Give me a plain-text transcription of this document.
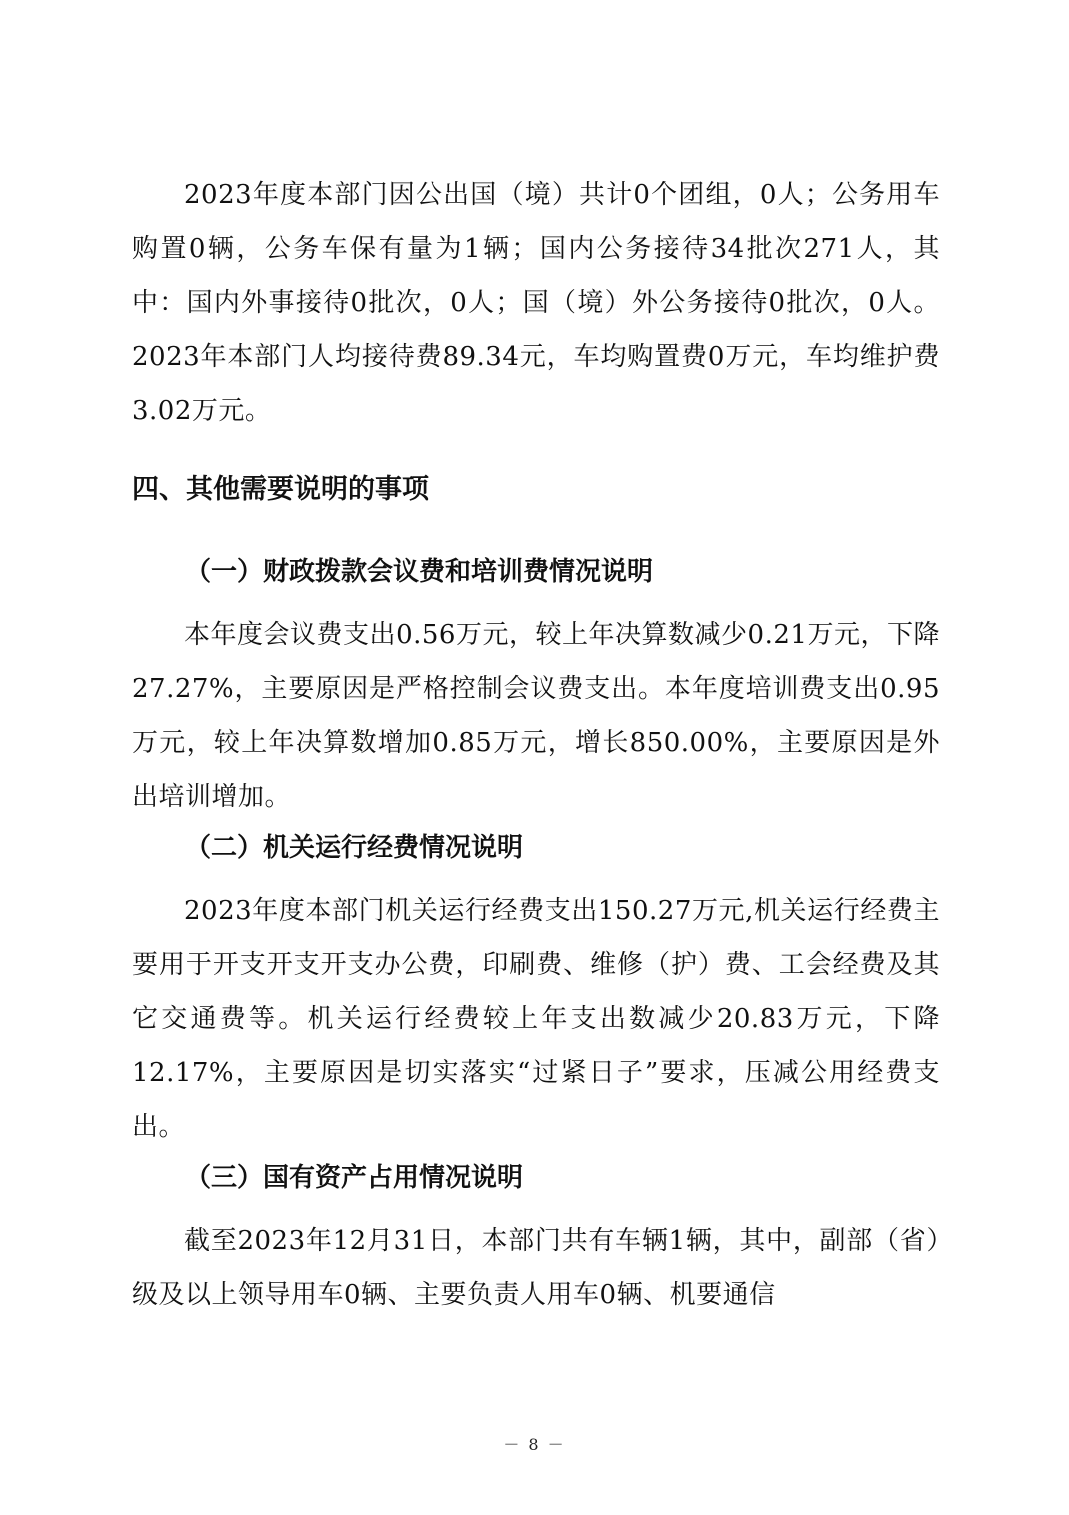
2023年度本部门因公出国（境）共计0个团组，0人；公务用车购置0辆，公务车保有量为1辆；国内公务接待34批次271人，其中：国内外事接待0批次，0人；国（境）外公务接待0批次，0人。2023年本部门人均接待费89.34元，车均购置费0万元，车均维护费3.02万元。

四、其他需要说明的事项
（一）财政拨款会议费和培训费情况说明

本年度会议费支出0.56万元，较上年决算数减少0.21万元，下降27.27%，主要原因是严格控制会议费支出。本年度培训费支出0.95万元，较上年决算数增加0.85万元，增长850.00%，主要原因是外出培训增加。

（二）机关运行经费情况说明

2023年度本部门机关运行经费支出150.27万元,机关运行经费主要用于开支开支开支办公费，印刷费、维修（护）费、工会经费及其它交通费等。机关运行经费较上年支出数减少20.83万元，下降12.17%，主要原因是切实落实“过紧日子”要求，压减公用经费支出。

（三）国有资产占用情况说明

截至2023年12月31日，本部门共有车辆1辆，其中，副部（省）级及以上领导用车0辆、主要负责人用车0辆、机要通信

－ 8 －
